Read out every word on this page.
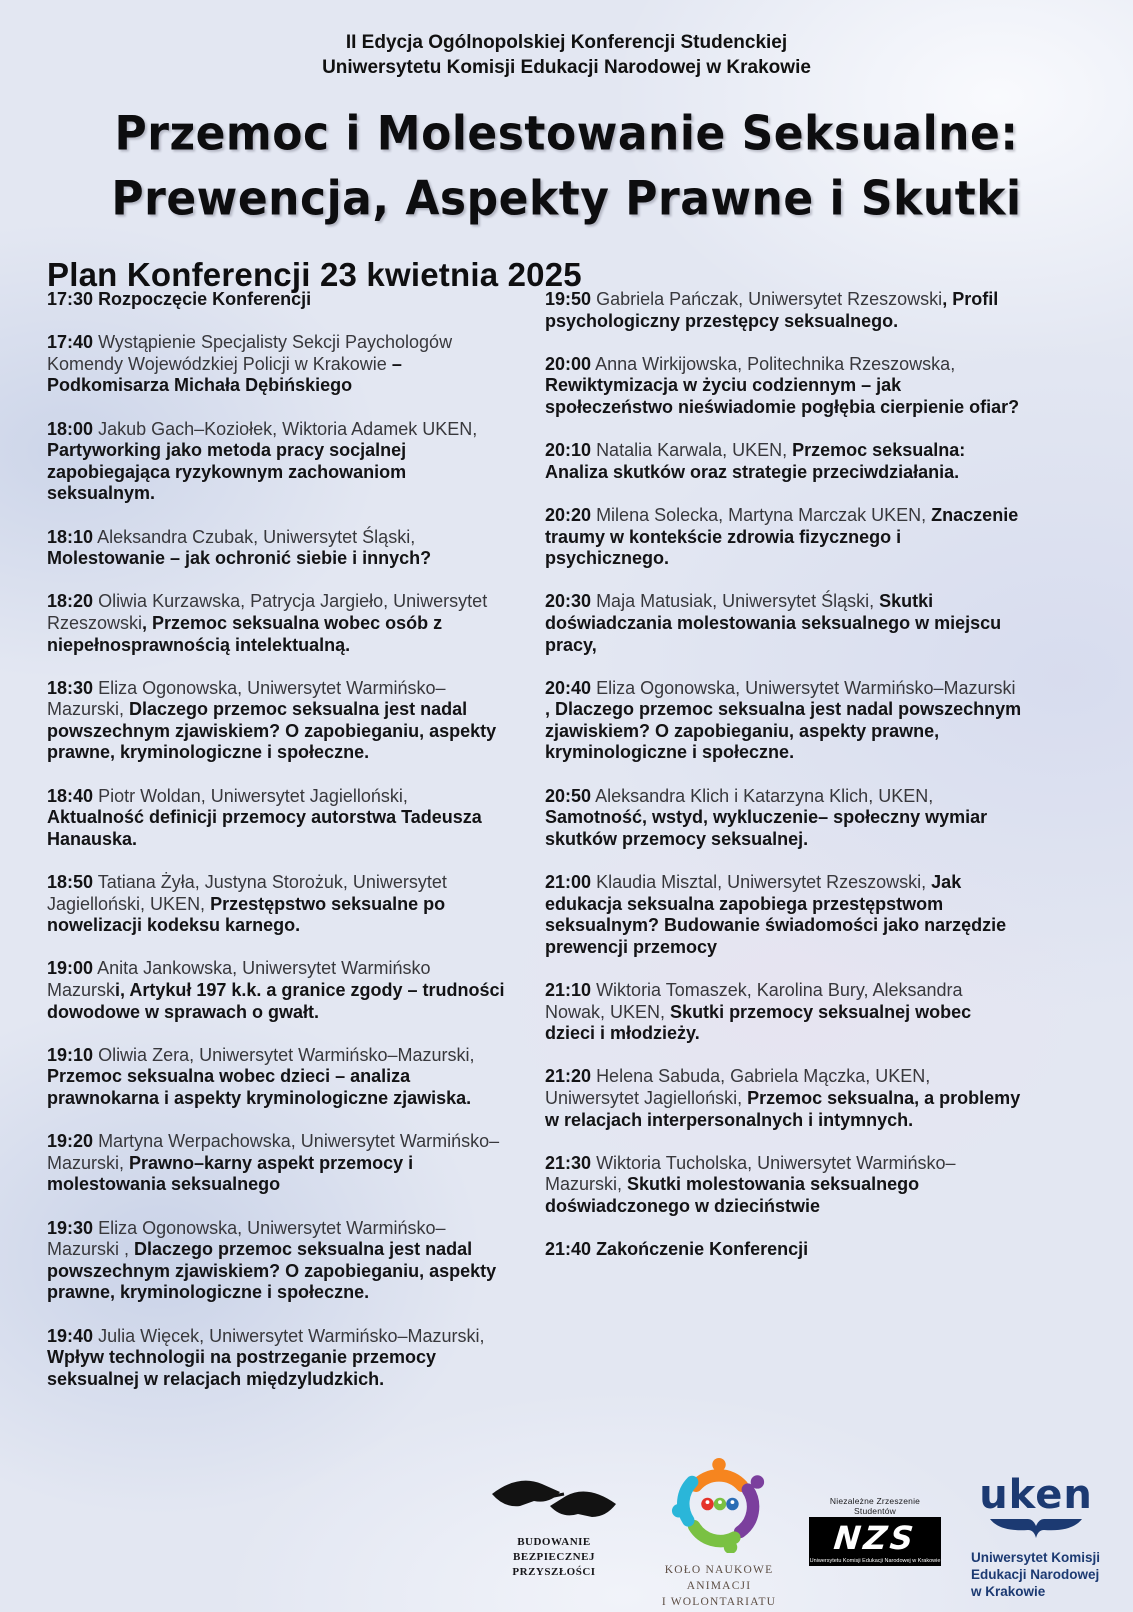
II Edycja Ogólnopolskiej Konferencji Studenckiej

Uniwersytetu Komisji Edukacji Narodowej w Krakowie

Przemoc i Molestowanie Seksualne:
Prewencja, Aspekty Prawne i Skutki
Plan Konferencji 23 kwietnia 2025

17:30 Rozpoczęcie Konferencji

17:40 Wystąpienie Specjalisty Sekcji Paychologów Komendy Wojewódzkiej Policji w Krakowie – Podkomisarza Michała Dębińskiego

18:00 Jakub Gach–Koziołek, Wiktoria Adamek UKEN, Partyworking jako metoda pracy socjalnej zapobiegająca ryzykownym zachowaniom seksualnym.

18:10 Aleksandra Czubak, Uniwersytet Śląski, Molestowanie – jak ochronić siebie i innych?

18:20 Oliwia Kurzawska, Patrycja Jargieło, Uniwersytet Rzeszowski, Przemoc seksualna wobec osób z niepełnosprawnością intelektualną.

18:30 Eliza Ogonowska, Uniwersytet Warmińsko– Mazurski, Dlaczego przemoc seksualna jest nadal powszechnym zjawiskiem? O zapobieganiu, aspekty prawne, kryminologiczne i społeczne.

18:40 Piotr Woldan, Uniwersytet Jagielloński, Aktualność definicji przemocy autorstwa Tadeusza Hanauska.

18:50 Tatiana Żyła, Justyna Storożuk, Uniwersytet Jagielloński, UKEN, Przestępstwo seksualne po nowelizacji kodeksu karnego.

19:00 Anita Jankowska, Uniwersytet Warmińsko Mazurski, Artykuł 197 k.k. a granice zgody – trudności dowodowe w sprawach o gwałt.

19:10 Oliwia Zera, Uniwersytet Warmińsko–Mazurski, Przemoc seksualna wobec dzieci – analiza prawnokarna i aspekty kryminologiczne zjawiska.

19:20 Martyna Werpachowska, Uniwersytet Warmińsko–Mazurski, Prawno–karny aspekt przemocy i molestowania seksualnego

19:30 Eliza Ogonowska, Uniwersytet Warmińsko– Mazurski , Dlaczego przemoc seksualna jest nadal powszechnym zjawiskiem? O zapobieganiu, aspekty prawne, kryminologiczne i społeczne.

19:40 Julia Więcek, Uniwersytet Warmińsko–Mazurski, Wpływ technologii na postrzeganie przemocy seksualnej w relacjach międzyludzkich.

19:50 Gabriela Pańczak, Uniwersytet Rzeszowski, Profil psychologiczny przestępcy seksualnego.

20:00 Anna Wirkijowska, Politechnika Rzeszowska, Rewiktymizacja w życiu codziennym – jak społeczeństwo nieświadomie pogłębia cierpienie ofiar?

20:10 Natalia Karwala, UKEN, Przemoc seksualna: Analiza skutków oraz strategie przeciwdziałania.

20:20 Milena Solecka, Martyna Marczak UKEN, Znaczenie traumy w kontekście zdrowia fizycznego i psychicznego.

20:30 Maja Matusiak, Uniwersytet Śląski, Skutki doświadczania molestowania seksualnego w miejscu pracy,

20:40 Eliza Ogonowska, Uniwersytet Warmińsko–Mazurski , Dlaczego przemoc seksualna jest nadal powszechnym zjawiskiem? O zapobieganiu, aspekty prawne, kryminologiczne i społeczne.

20:50 Aleksandra Klich i Katarzyna Klich, UKEN, Samotność, wstyd, wykluczenie– społeczny wymiar skutków przemocy seksualnej.

21:00 Klaudia Misztal, Uniwersytet Rzeszowski, Jak edukacja seksualna zapobiega przestępstwom seksualnym? Budowanie świadomości jako narzędzie prewencji przemocy

21:10 Wiktoria Tomaszek, Karolina Bury, Aleksandra Nowak, UKEN, Skutki przemocy seksualnej wobec dzieci i młodzieży.

21:20 Helena Sabuda, Gabriela Mączka, UKEN, Uniwersytet Jagielloński, Przemoc seksualna, a problemy w relacjach interpersonalnych i intymnych.

21:30 Wiktoria Tucholska, Uniwersytet Warmińsko–Mazurski, Skutki molestowania seksualnego doświadczonego w dzieciństwie

21:40 Zakończenie Konferencji

BUDOWANIE BEZPIECZNEJ
PRZYSZŁOŚCI	KOŁO NAUKOWE
ANIMACJI
I WOLONTARIATU
Niezależne Zrzeszenie Studentów
NZS
Uniwersytetu Komisji Edukacji Narodowej w Krakowie
uken
Uniwersytet Komisji
Edukacji Narodowej
w Krakowie
